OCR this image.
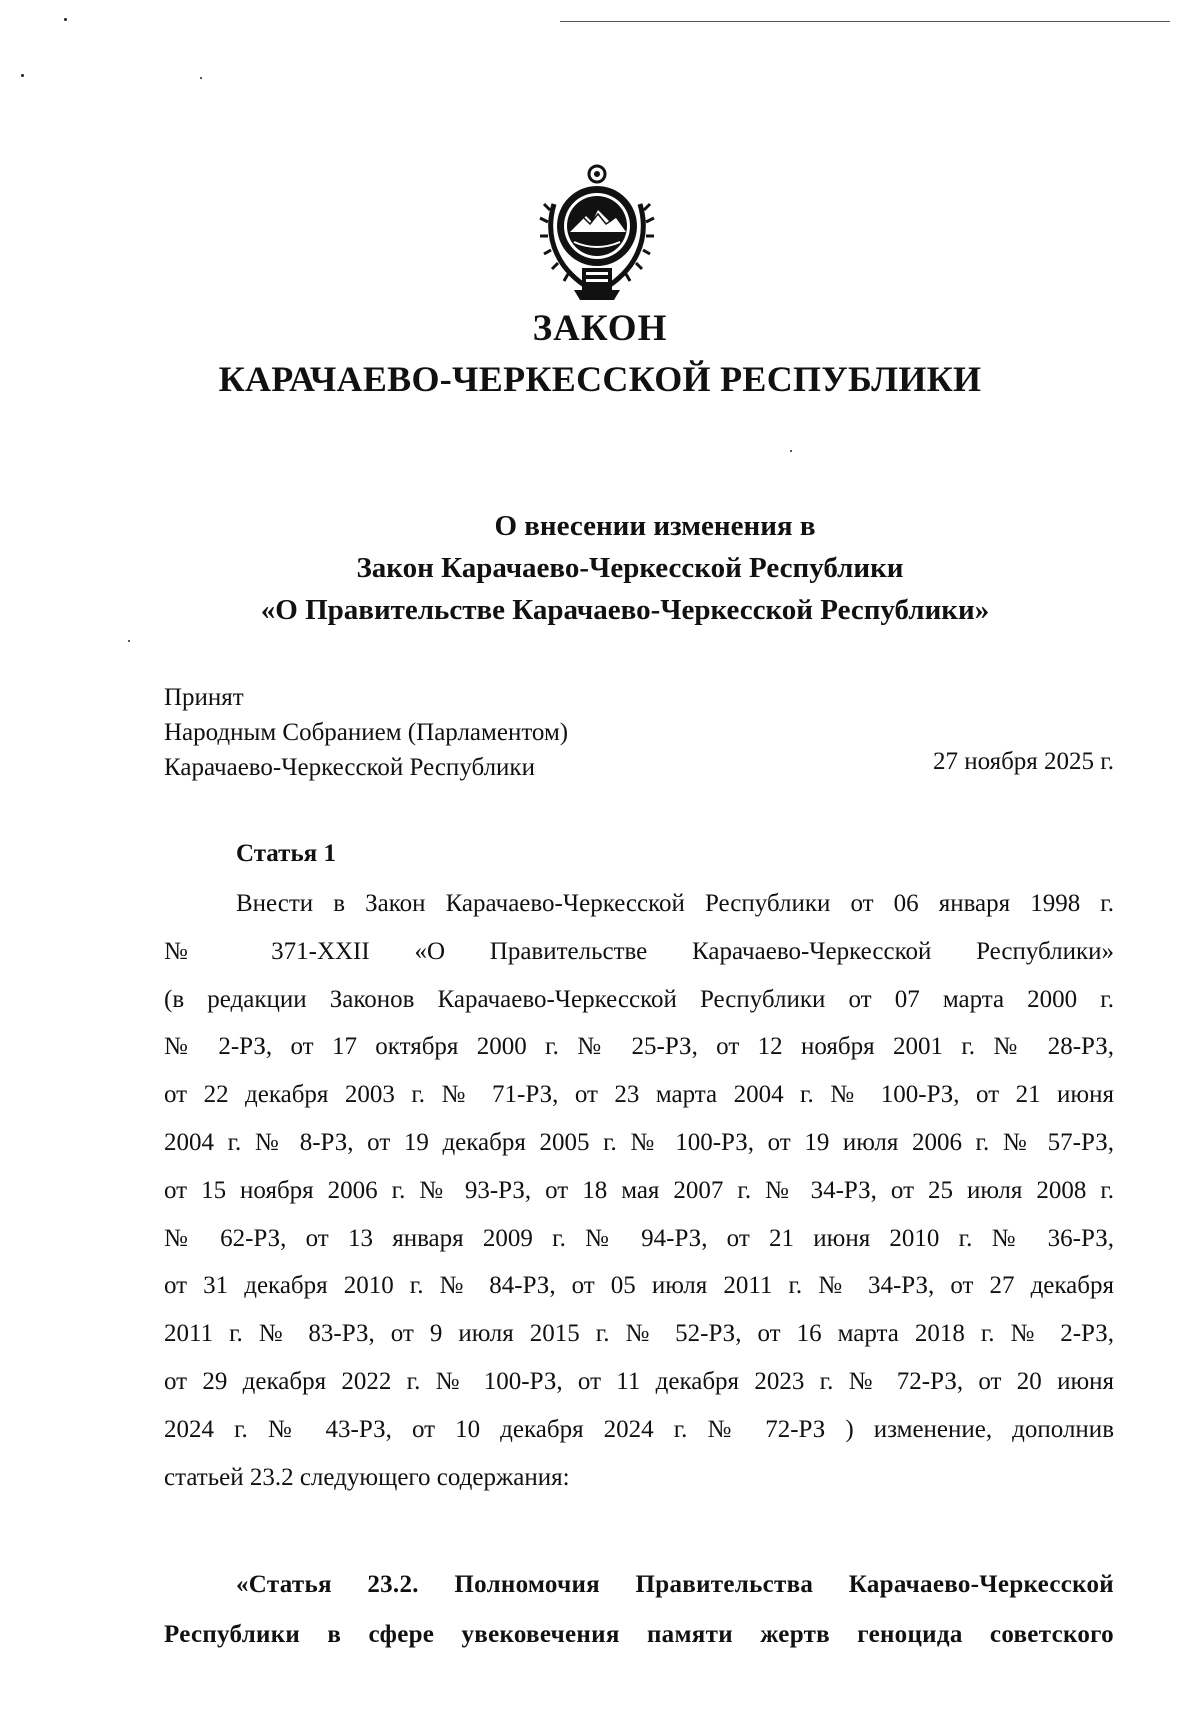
ЗАКОН
КАРАЧАЕВО-ЧЕРКЕССКОЙ РЕСПУБЛИКИ
О внесении изменения в
Закон Карачаево-Черкесской Республики
«О Правительстве Карачаево-Черкесской Республики»
Принят
Народным Собранием (Парламентом)
Карачаево-Черкесской Республики	27 ноября 2025 г.
Статья 1
Внести в Закон Карачаево-Черкесской Республики от 06 января 1998 г.
№ 371-XXII «О Правительстве Карачаево-Черкесской Республики»
(в редакции Законов Карачаево-Черкесской Республики от 07 марта 2000 г.
№ 2-РЗ, от 17 октября 2000 г. № 25-РЗ, от 12 ноября 2001 г. № 28-РЗ,
от 22 декабря 2003 г. № 71-РЗ, от 23 марта 2004 г. № 100-РЗ, от 21 июня
2004 г. № 8-РЗ, от 19 декабря 2005 г. № 100-РЗ, от 19 июля 2006 г. № 57-РЗ,
от 15 ноября 2006 г. № 93-РЗ, от 18 мая 2007 г. № 34-РЗ, от 25 июля 2008 г.
№ 62-РЗ, от 13 января 2009 г. № 94-РЗ, от 21 июня 2010 г. № 36-РЗ,
от 31 декабря 2010 г. № 84-РЗ, от 05 июля 2011 г. № 34-РЗ, от 27 декабря
2011 г. № 83-РЗ, от 9 июля 2015 г. № 52-РЗ, от 16 марта 2018 г. № 2-РЗ,
от 29 декабря 2022 г. № 100-РЗ, от 11 декабря 2023 г. № 72-РЗ, от 20 июня
2024 г. № 43-РЗ, от 10 декабря 2024 г. № 72-РЗ ) изменение, дополнив
статьей 23.2 следующего содержания:
«Статья 23.2. Полномочия Правительства Карачаево-Черкесской
Республики в сфере увековечения памяти жертв геноцида советского
